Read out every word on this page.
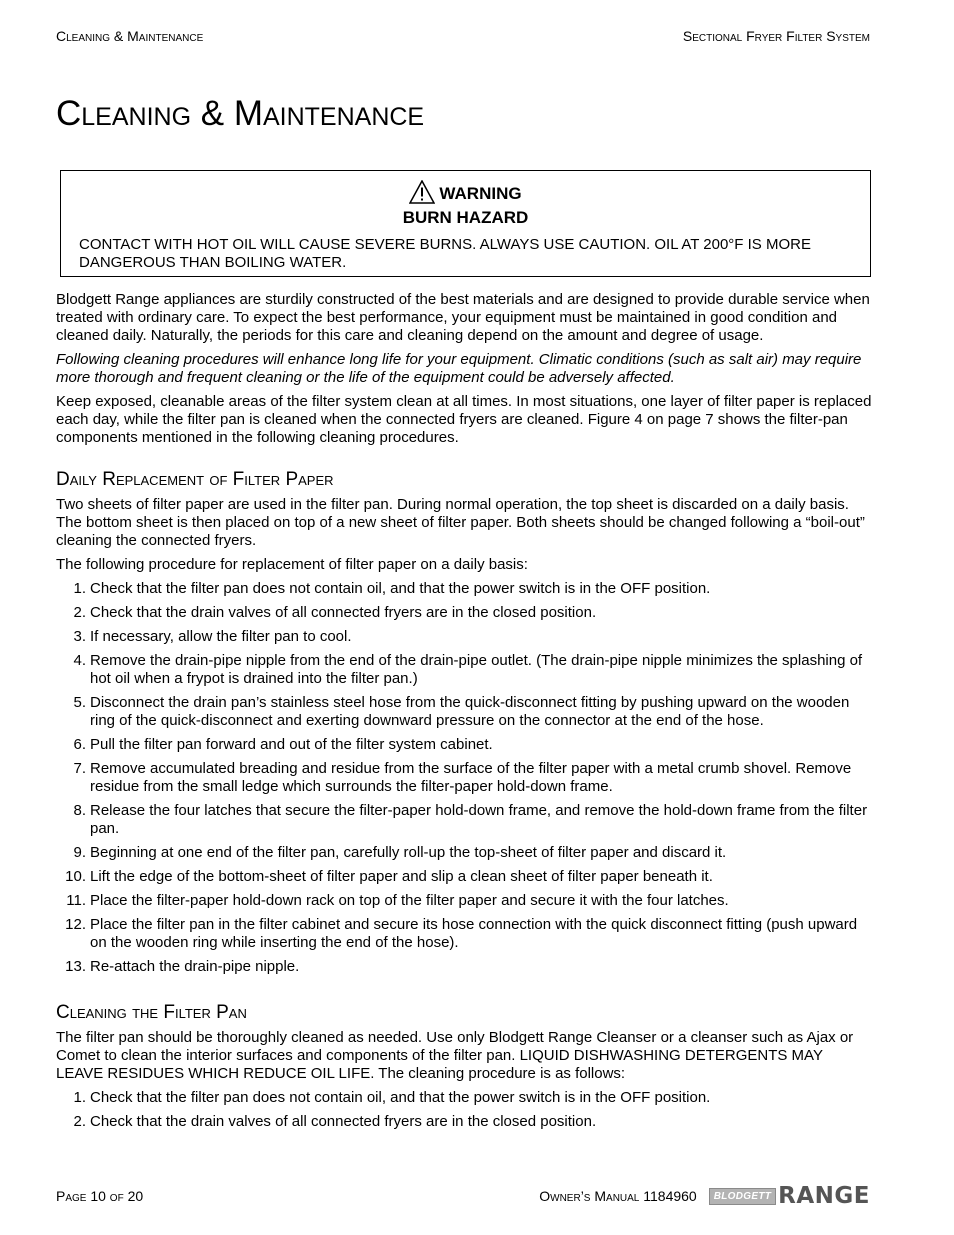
Cleaning & Maintenance	Sectional Fryer Filter System
Cleaning & Maintenance
WARNING
BURN HAZARD
CONTACT WITH HOT OIL WILL CAUSE SEVERE BURNS. ALWAYS USE CAUTION. OIL AT 200°F IS MORE DANGEROUS THAN BOILING WATER.

Blodgett Range appliances are sturdily constructed of the best materials and are designed to provide durable service when treated with ordinary care. To expect the best performance, your equipment must be maintained in good condition and cleaned daily. Naturally, the periods for this care and cleaning depend on the amount and degree of usage.

Following cleaning procedures will enhance long life for your equipment. Climatic conditions (such as salt air) may require more thorough and frequent cleaning or the life of the equipment could be adversely affected.

Keep exposed, cleanable areas of the filter system clean at all times. In most situations, one layer of filter paper is replaced each day, while the filter pan is cleaned when the connected fryers are cleaned. Figure 4 on page 7 shows the filter-pan components mentioned in the following cleaning procedures.

Daily Replacement of Filter Paper

Two sheets of filter paper are used in the filter pan. During normal operation, the top sheet is discarded on a daily basis. The bottom sheet is then placed on top of a new sheet of filter paper. Both sheets should be changed following a “boil-out” cleaning the connected fryers.

The following procedure for replacement of filter paper on a daily basis:

1. Check that the filter pan does not contain oil, and that the power switch is in the OFF position.
2. Check that the drain valves of all connected fryers are in the closed position.
3. If necessary, allow the filter pan to cool.
4. Remove the drain-pipe nipple from the end of the drain-pipe outlet. (The drain-pipe nipple minimizes the splashing of hot oil when a frypot is drained into the filter pan.)
5. Disconnect the drain pan’s stainless steel hose from the quick-disconnect fitting by pushing upward on the wooden ring of the quick-disconnect and exerting downward pressure on the connector at the end of the hose.
6. Pull the filter pan forward and out of the filter system cabinet.
7. Remove accumulated breading and residue from the surface of the filter paper with a metal crumb shovel. Remove residue from the small ledge which surrounds the filter-paper hold-down frame.
8. Release the four latches that secure the filter-paper hold-down frame, and remove the hold-down frame from the filter pan.
9. Beginning at one end of the filter pan, carefully roll-up the top-sheet of filter paper and discard it.
10. Lift the edge of the bottom-sheet of filter paper and slip a clean sheet of filter paper beneath it.
11. Place the filter-paper hold-down rack on top of the filter paper and secure it with the four latches.
12. Place the filter pan in the filter cabinet and secure its hose connection with the quick disconnect fitting (push upward on the wooden ring while inserting the end of the hose).
13. Re-attach the drain-pipe nipple.
Cleaning the Filter Pan

The filter pan should be thoroughly cleaned as needed. Use only Blodgett Range Cleanser or a cleanser such as Ajax or Comet to clean the interior surfaces and components of the filter pan. LIQUID DISHWASHING DETERGENTS MAY LEAVE RESIDUES WHICH REDUCE OIL LIFE. The cleaning procedure is as follows:

1. Check that the filter pan does not contain oil, and that the power switch is in the OFF position.
2. Check that the drain valves of all connected fryers are in the closed position.
Page 10 of 20	Owner’s Manual 1184960	BLODGETT RANGE
